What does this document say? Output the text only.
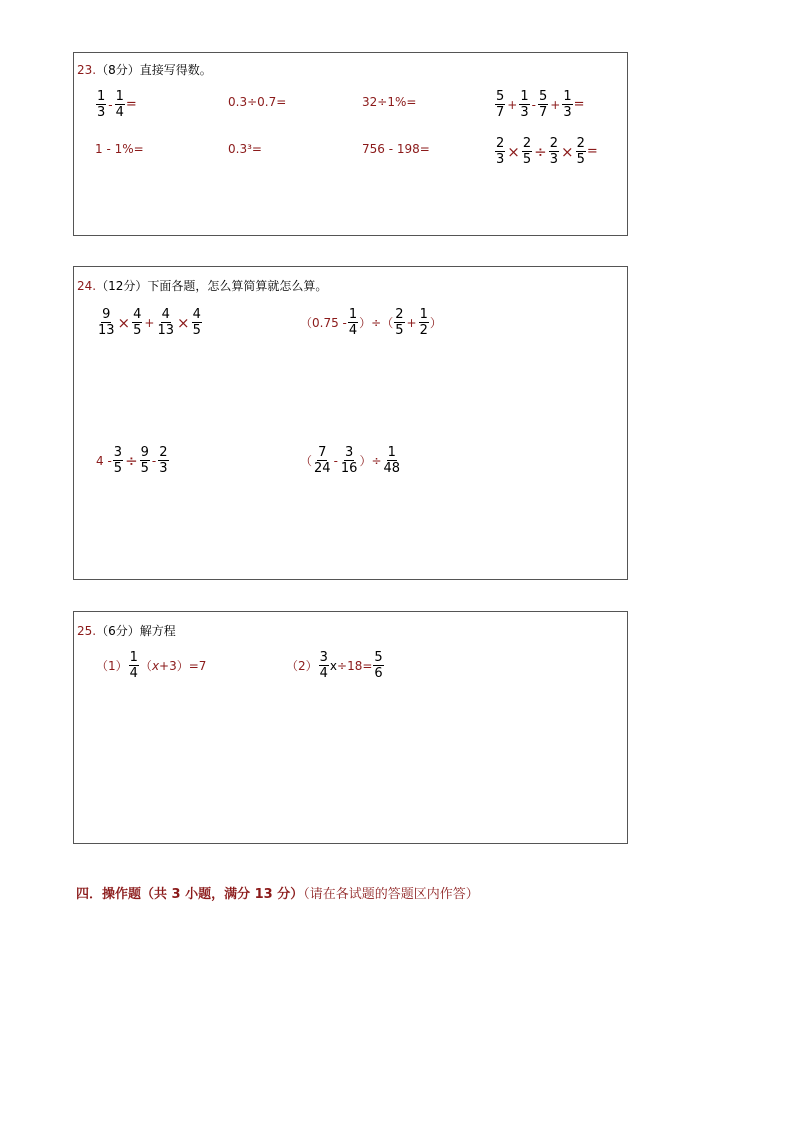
23.（8分）直接写得数。
$\frac{1}{3} - \frac{1}{4}$ =	0.3÷0.7=	32÷1%=	$\frac{5}{7} + \frac{1}{3} - \frac{5}{7} + \frac{1}{3}$ =
1 - 1%=	0.3³=	756 - 198=	$\frac{2}{3} \times \frac{2}{5} \div \frac{2}{3} \times \frac{2}{5}$ =
24.（12分）下面各题，怎么算简算就怎么算。
$\frac{9}{13} \times \frac{4}{5} + \frac{4}{13} \times \frac{4}{5}$	（$0.75 - \frac{1}{4}$ ）÷（ $\frac{2}{5} + \frac{1}{2}$ ）
$4 - \frac{3}{5} \div \frac{9}{5} - \frac{2}{3}$	（ $\frac{7}{24} - \frac{3}{16}$ ）÷ $\frac{1}{48}$
25.（6分）解方程
$(1) \frac{1}{4}$ （ x +3）=7	$(2) \frac{3}{4}$ $x \div 18= \frac{5}{6}$
四．操作题（共 3 小题，满分 13 分）（请在各试题的答题区内作答）
